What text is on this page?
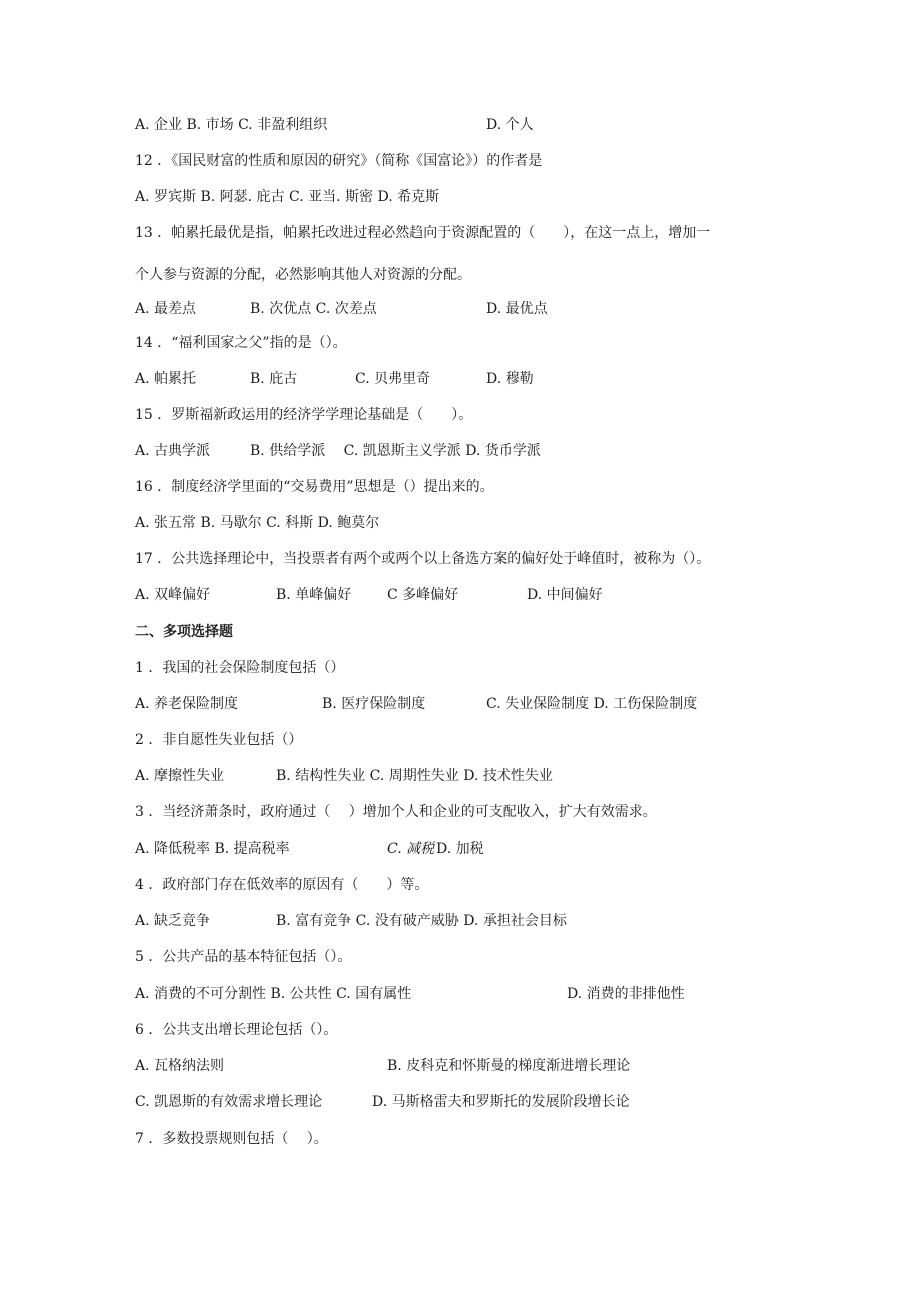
A. 企业 B. 市场 C. 非盈利组织	D. 个人
12 ．《国民财富的性质和原因的研究》（简称《国富论》）的作者是
A. 罗宾斯 B. 阿瑟. 庇古 C. 亚当. 斯密 D. 希克斯
13 ．帕累托最优是指，帕累托改进过程必然趋向于资源配置的（　　），在这一点上，增加一
个人参与资源的分配，必然影响其他人对资源的分配。
A. 最差点	B. 次优点 C. 次差点	D. 最优点
14 ．“福利国家之父”指的是（）。
A. 帕累托	B. 庇古	C. 贝弗里奇	D. 穆勒
15 ．罗斯福新政运用的经济学学理论基础是（　　）。
A. 古典学派	B. 供给学派　 C. 凯恩斯主义学派 D. 货币学派
16 ．制度经济学里面的“交易费用”思想是（）提出来的。
A. 张五常 B. 马歇尔 C. 科斯 D. 鲍莫尔
17 ．公共选择理论中，当投票者有两个或两个以上备选方案的偏好处于峰值时，被称为（）。
A. 双峰偏好	B. 单峰偏好	C 多峰偏好	D. 中间偏好
二、多项选择题
1 ．我国的社会保险制度包括（）
A. 养老保险制度	B. 医疗保险制度	C. 失业保险制度 D. 工伤保险制度
2 ．非自愿性失业包括（）
A. 摩擦性失业	B. 结构性失业 C. 周期性失业 D. 技术性失业
3 ．当经济萧条时，政府通过（　 ）增加个人和企业的可支配收入，扩大有效需求。
A. 降低税率 B. 提高税率	C. 减税 D. 加税
4 ．政府部门存在低效率的原因有（　　）等。
A. 缺乏竞争	B. 富有竞争 C. 没有破产威胁 D. 承担社会目标
5 ．公共产品的基本特征包括（）。
A. 消费的不可分割性 B. 公共性 C. 国有属性	D. 消费的非排他性
6 ．公共支出增长理论包括（）。
A. 瓦格纳法则	B. 皮科克和怀斯曼的梯度渐进增长理论
C. 凯恩斯的有效需求增长理论	D. 马斯格雷夫和罗斯托的发展阶段增长论
7 ．多数投票规则包括（　 ）。
